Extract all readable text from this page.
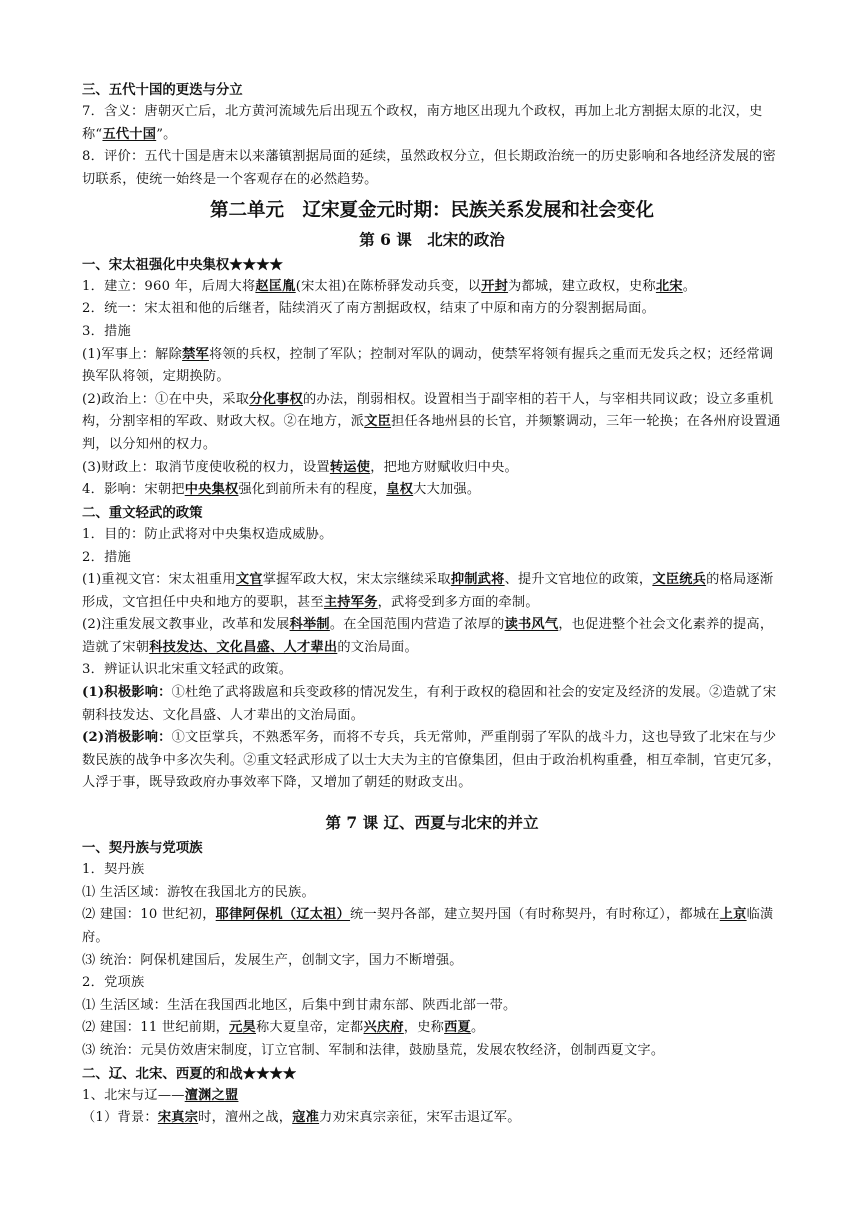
三、五代十国的更迭与分立

7．含义：唐朝灭亡后，北方黄河流域先后出现五个政权，南方地区出现九个政权，再加上北方割据太原的北汉，史称“五代十国”。

8．评价：五代十国是唐末以来藩镇割据局面的延续，虽然政权分立，但长期政治统一的历史影响和各地经济发展的密切联系，使统一始终是一个客观存在的必然趋势。

第二单元　辽宋夏金元时期：民族关系发展和社会变化

第 6 课　北宋的政治

一、宋太祖强化中央集权★★★★

1．建立：960 年，后周大将赵匡胤(宋太祖)在陈桥驿发动兵变，以开封为都城，建立政权，史称北宋。

2．统一：宋太祖和他的后继者，陆续消灭了南方割据政权，结束了中原和南方的分裂割据局面。

3．措施

(1)军事上：解除禁军将领的兵权，控制了军队；控制对军队的调动，使禁军将领有握兵之重而无发兵之权；还经常调换军队将领，定期换防。

(2)政治上：①在中央，采取分化事权的办法，削弱相权。设置相当于副宰相的若干人，与宰相共同议政；设立多重机构，分割宰相的军政、财政大权。②在地方，派文臣担任各地州县的长官，并频繁调动，三年一轮换；在各州府设置通判，以分知州的权力。

(3)财政上：取消节度使收税的权力，设置转运使，把地方财赋收归中央。

4．影响：宋朝把中央集权强化到前所未有的程度，皇权大大加强。

二、重文轻武的政策

1．目的：防止武将对中央集权造成威胁。

2．措施

(1)重视文官：宋太祖重用文官掌握军政大权，宋太宗继续采取抑制武将、提升文官地位的政策，文臣统兵的格局逐渐形成，文官担任中央和地方的要职，甚至主持军务，武将受到多方面的牵制。

(2)注重发展文教事业，改革和发展科举制。在全国范围内营造了浓厚的读书风气，也促进整个社会文化素养的提高，造就了宋朝科技发达、文化昌盛、人才辈出的文治局面。

3．辨证认识北宋重文轻武的政策。

(1)积极影响：①杜绝了武将跋扈和兵变政移的情况发生，有利于政权的稳固和社会的安定及经济的发展。②造就了宋朝科技发达、文化昌盛、人才辈出的文治局面。

(2)消极影响：①文臣掌兵，不熟悉军务，而将不专兵，兵无常帅，严重削弱了军队的战斗力，这也导致了北宋在与少数民族的战争中多次失利。②重文轻武形成了以士大夫为主的官僚集团，但由于政治机构重叠，相互牵制，官吏冗多，人浮于事，既导致政府办事效率下降，又增加了朝廷的财政支出。

第 7 课 辽、西夏与北宋的并立

一、契丹族与党项族

1．契丹族

⑴ 生活区域：游牧在我国北方的民族。

⑵ 建国：10 世纪初，耶律阿保机（辽太祖）统一契丹各部，建立契丹国（有时称契丹，有时称辽），都城在上京临潢府。

⑶ 统治：阿保机建国后，发展生产，创制文字，国力不断增强。

2．党项族

⑴ 生活区域：生活在我国西北地区，后集中到甘肃东部、陕西北部一带。

⑵ 建国：11 世纪前期，元昊称大夏皇帝，定都兴庆府，史称西夏。

⑶ 统治：元昊仿效唐宋制度，订立官制、军制和法律，鼓励垦荒，发展农牧经济，创制西夏文字。

二、辽、北宋、西夏的和战★★★★

1、北宋与辽——澶渊之盟

（1）背景：宋真宗时，澶州之战，寇准力劝宋真宗亲征，宋军击退辽军。
